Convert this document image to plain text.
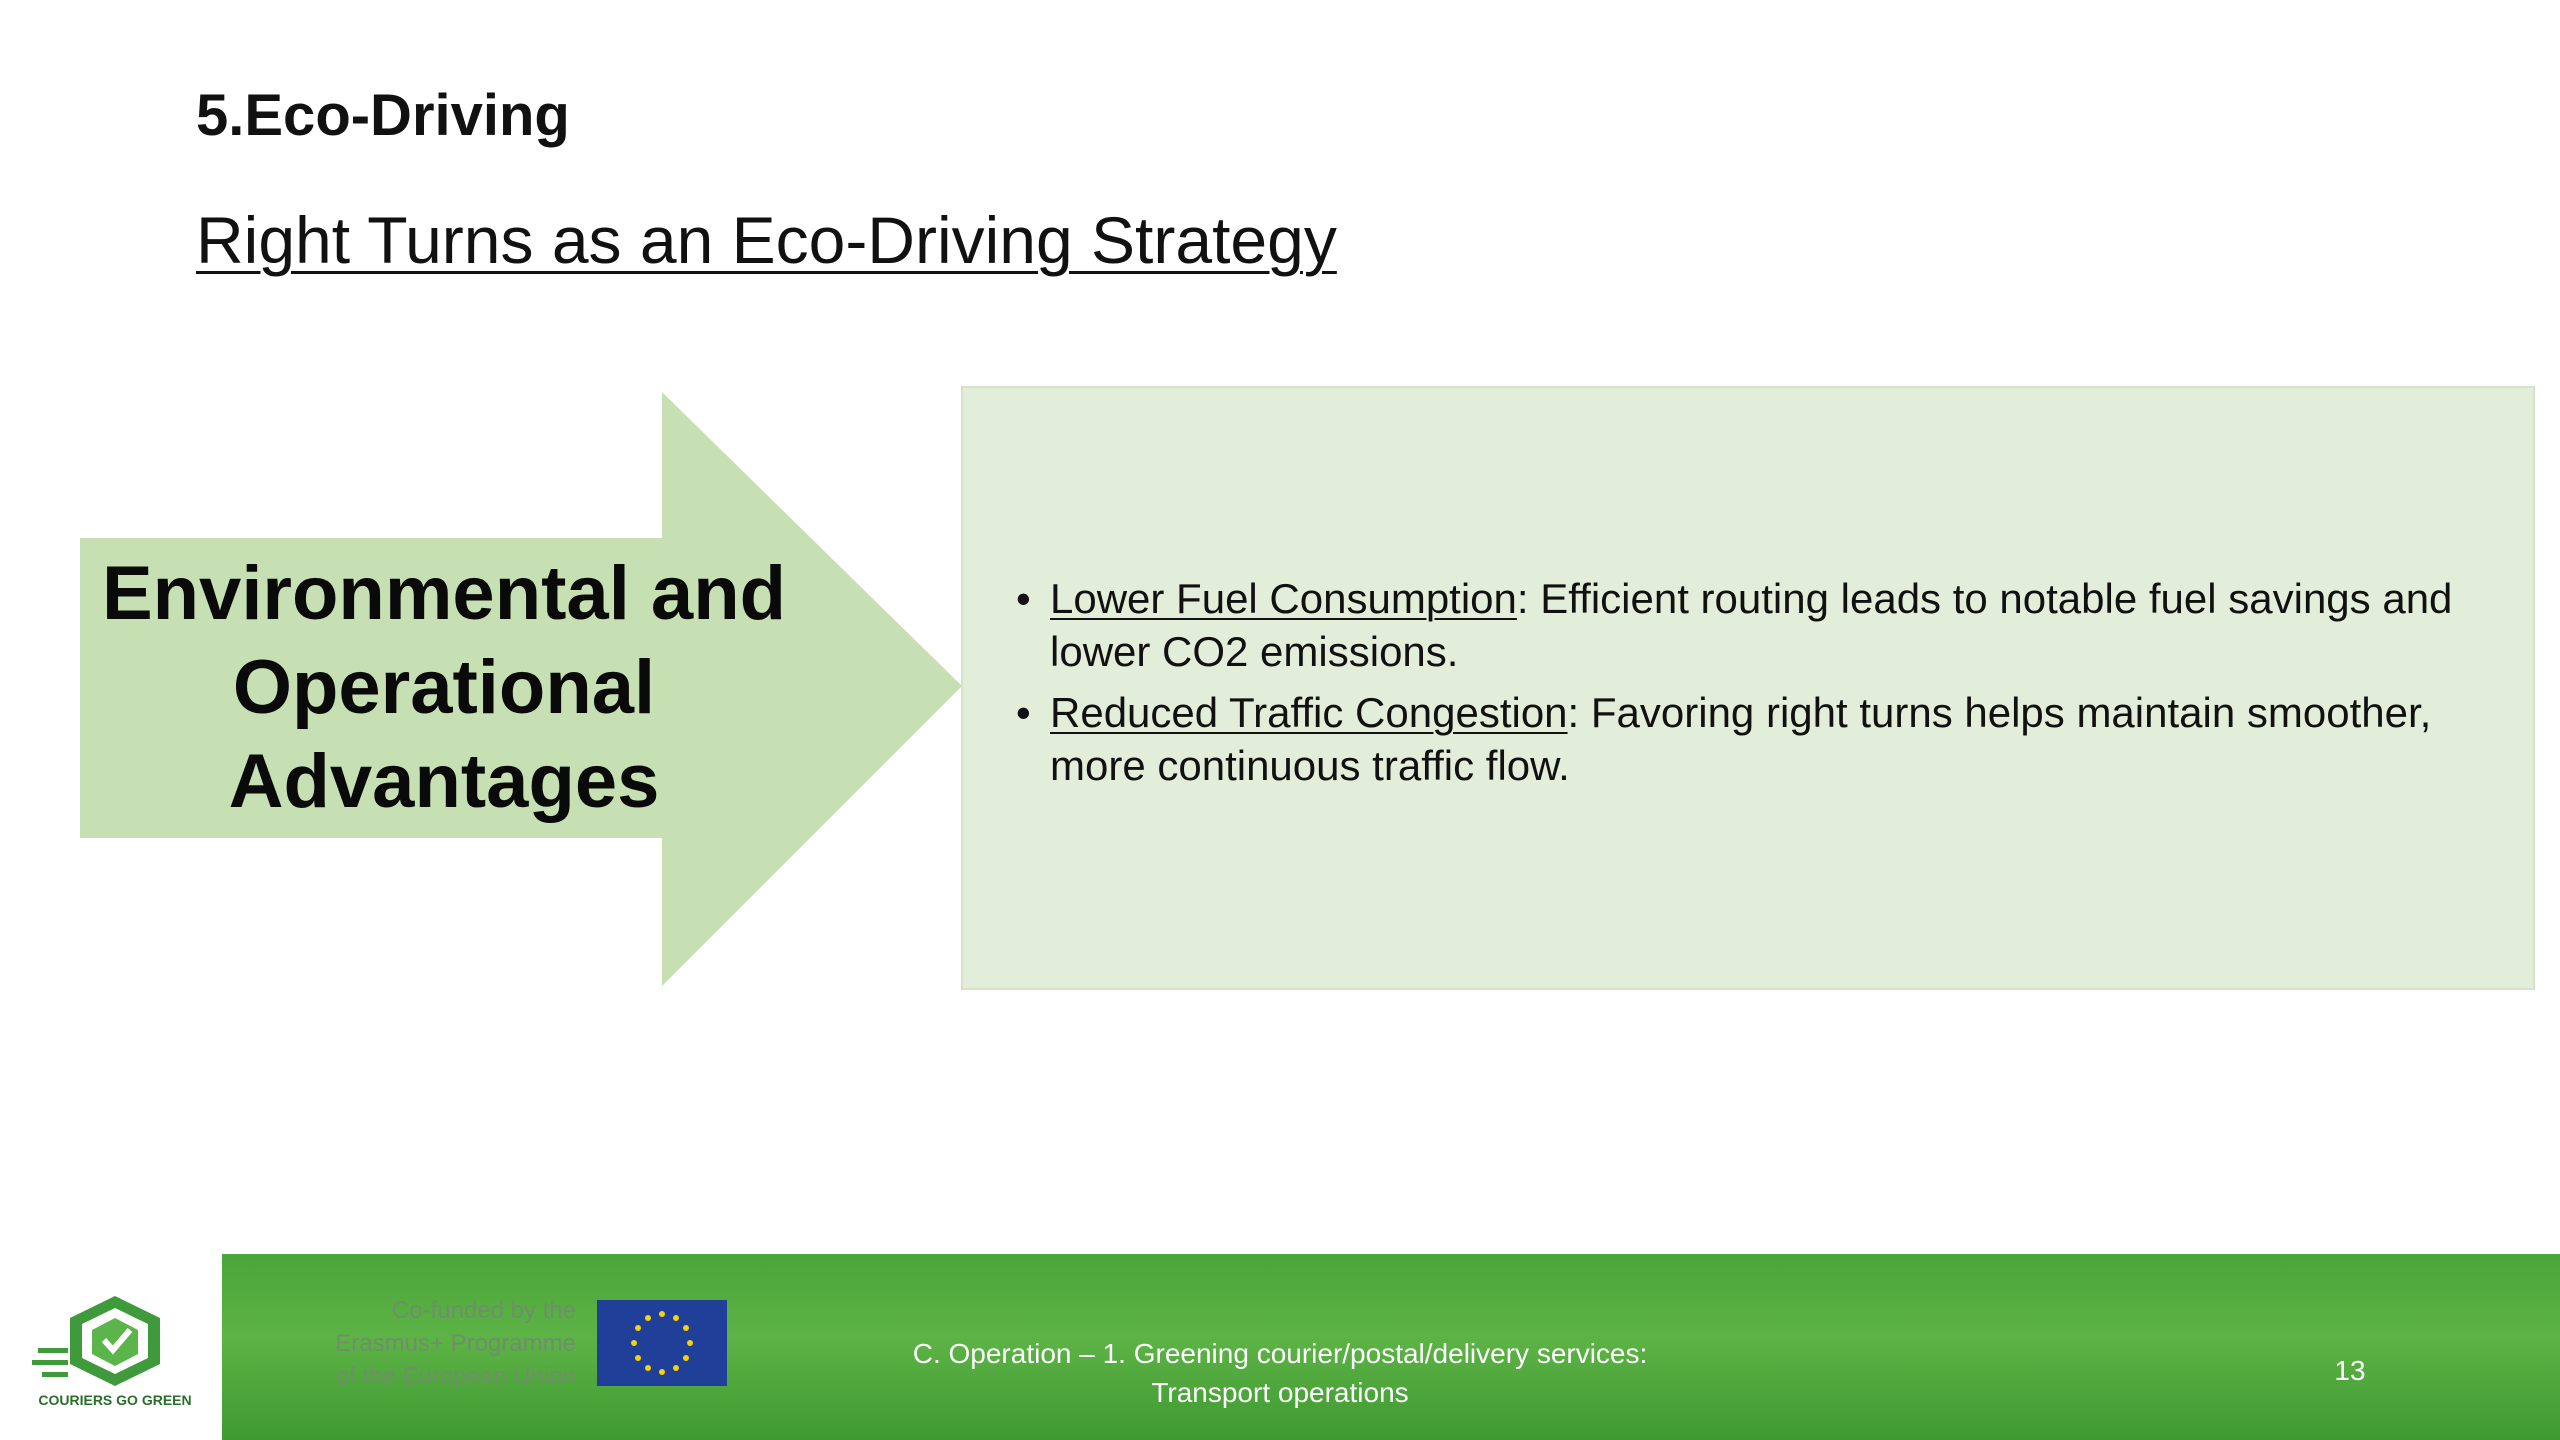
5.Eco-Driving
Right Turns as an Eco-Driving Strategy
Environmental and
Operational
Advantages
• Lower Fuel Consumption: Efficient routing leads to notable fuel savings and lower CO2 emissions.
• Reduced Traffic Congestion: Favoring right turns helps maintain smoother, more continuous traffic flow.
COURIERS GO GREEN
Co-funded by the
Erasmus+ Programme
of the European Union
C. Operation – 1. Greening courier/postal/delivery services:
Transport operations
13
